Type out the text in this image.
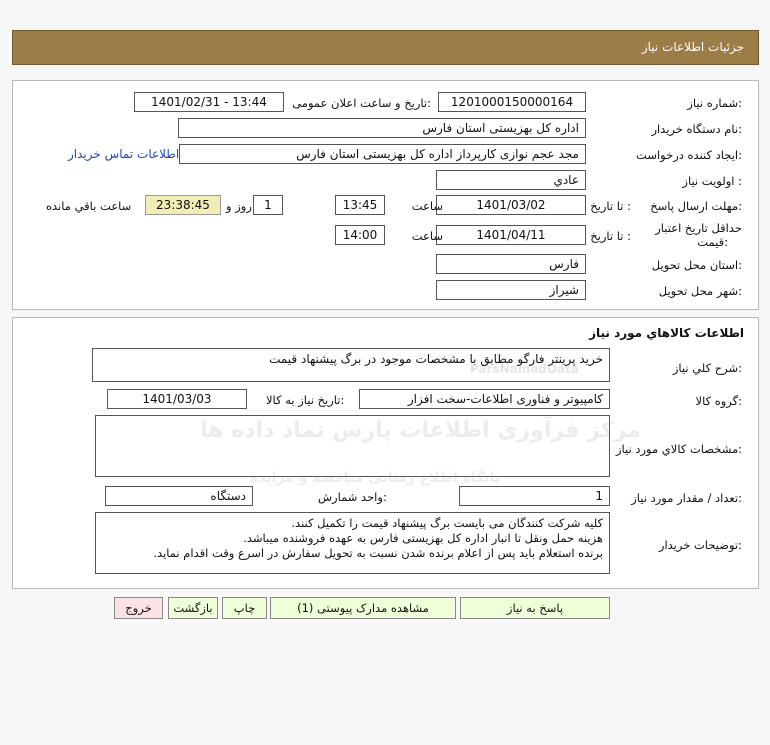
جزئیات اطلاعات نیاز
شماره نیاز:
1201000150000164
تاریخ و ساعت اعلان عمومی:
1401/02/31 - 13:44
نام دستگاه خریدار:
اداره کل بهزیستی استان فارس
ایجاد کننده درخواست:
مجد عجم نوازی کارپرداز اداره کل بهزیستی استان فارس
اطلاعات تماس خریدار
اولویت نیاز :
عادي
مهلت ارسال پاسخ:
تا تاریخ :
1401/03/02
ساعت
13:45
1
روز و
23:38:45
ساعت باقي مانده
حداقل تاریخ اعتبار
قیمت:
تا تاریخ :
1401/04/11
ساعت
14:00
استان محل تحویل:
فارس
شهر محل تحویل:
شیراز
اطلاعات کالاهاي مورد نياز
شرح کلي نياز:
خرید پرینتر فارگو مطابق با مشخصات موجود در برگ پیشنهاد قیمت
گروه کالا:
کامپیوتر و فناوری اطلاعات-سخت افزار
تاریخ نیاز به کالا:
1401/03/03
مشخصات کالاي مورد نياز:
تعداد / مقدار مورد نیاز:
1
واحد شمارش:
دستگاه
توضیحات خریدار:
کلیه شرکت کنندگان می بایست برگ پیشنهاد قیمت را تکمیل کنند.
هزینه حمل ونقل تا انبار اداره کل بهزیستی فارس به عهده فروشنده میباشد.
برنده استعلام باید پس از اعلام برنده شدن نسبت به تحویل سفارش در اسرع وقت اقدام نماید.
ParsNamadData
پاسخ به نیاز
مشاهده مدارک پیوستی (1)
چاپ
بازگشت
خروج
